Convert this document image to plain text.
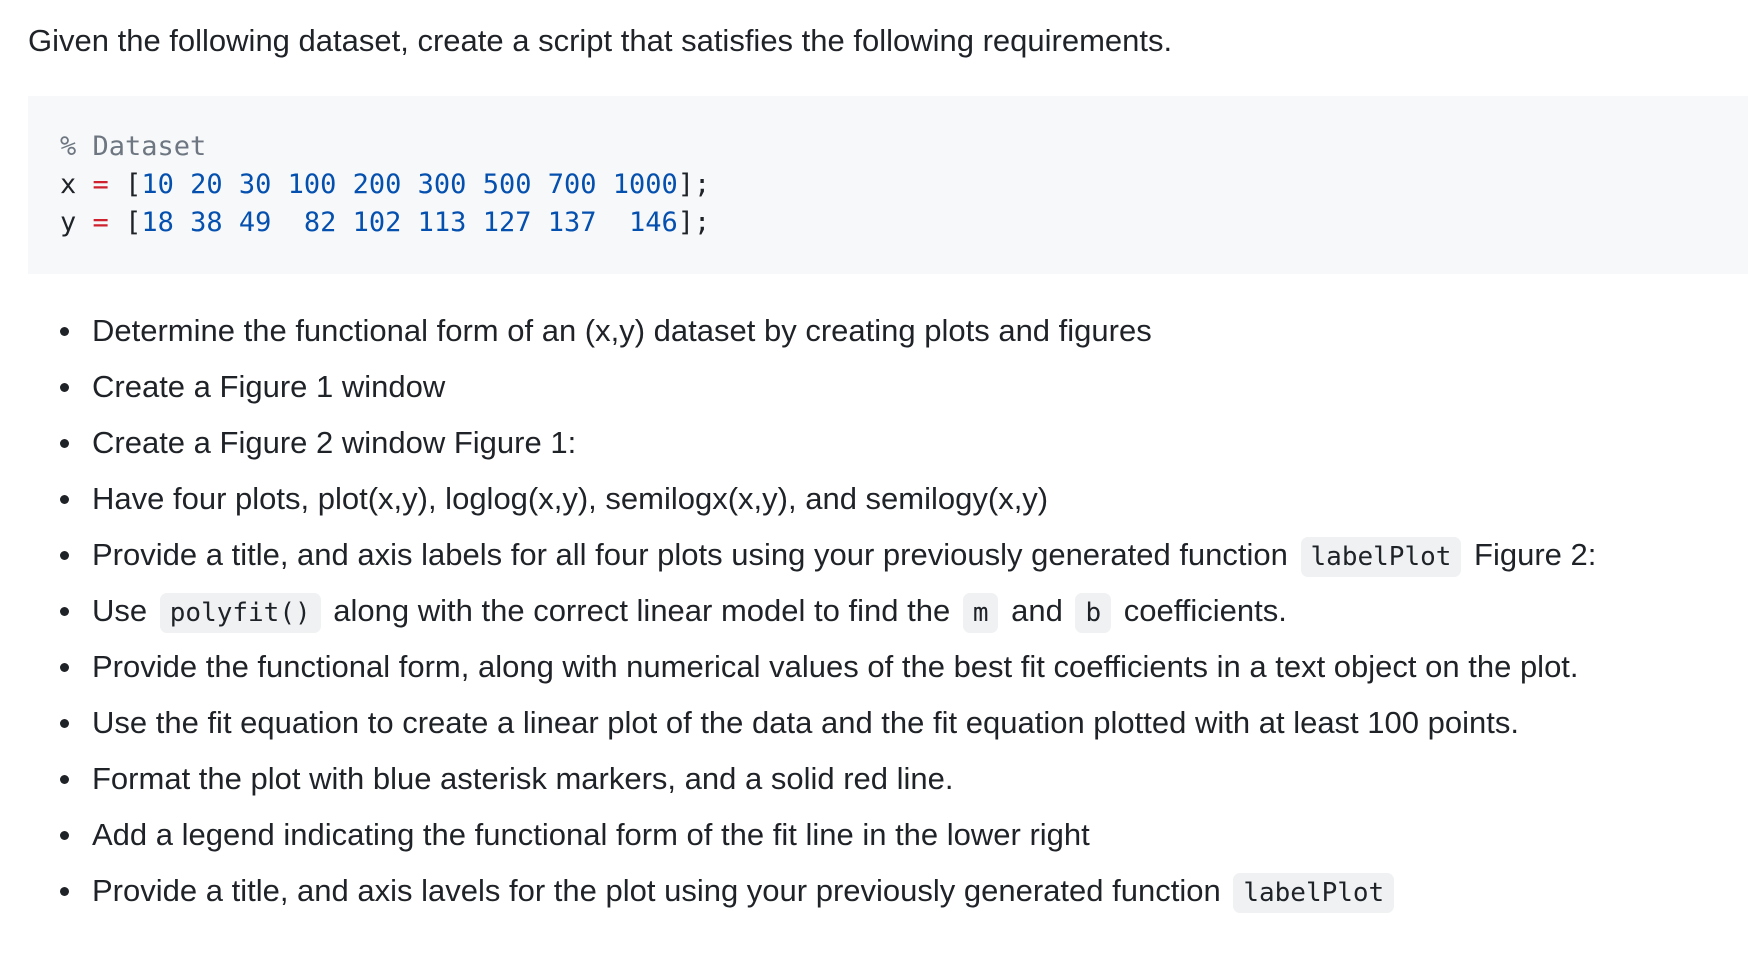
Given the following dataset, create a script that satisfies the following requirements.

% Dataset
x = [10 20 30 100 200 300 500 700 1000];
y = [18 38 49  82 102 113 127 137  146];
Determine the functional form of an (x,y) dataset by creating plots and figures
Create a Figure 1 window
Create a Figure 2 window Figure 1:
Have four plots, plot(x,y), loglog(x,y), semilogx(x,y), and semilogy(x,y)
Provide a title, and axis labels for all four plots using your previously generated function labelPlot Figure 2:
Use polyfit() along with the correct linear model to find the m and b coefficients.
Provide the functional form, along with numerical values of the best fit coefficients in a text object on the plot.
Use the fit equation to create a linear plot of the data and the fit equation plotted with at least 100 points.
Format the plot with blue asterisk markers, and a solid red line.
Add a legend indicating the functional form of the fit line in the lower right
Provide a title, and axis lavels for the plot using your previously generated function labelPlot
